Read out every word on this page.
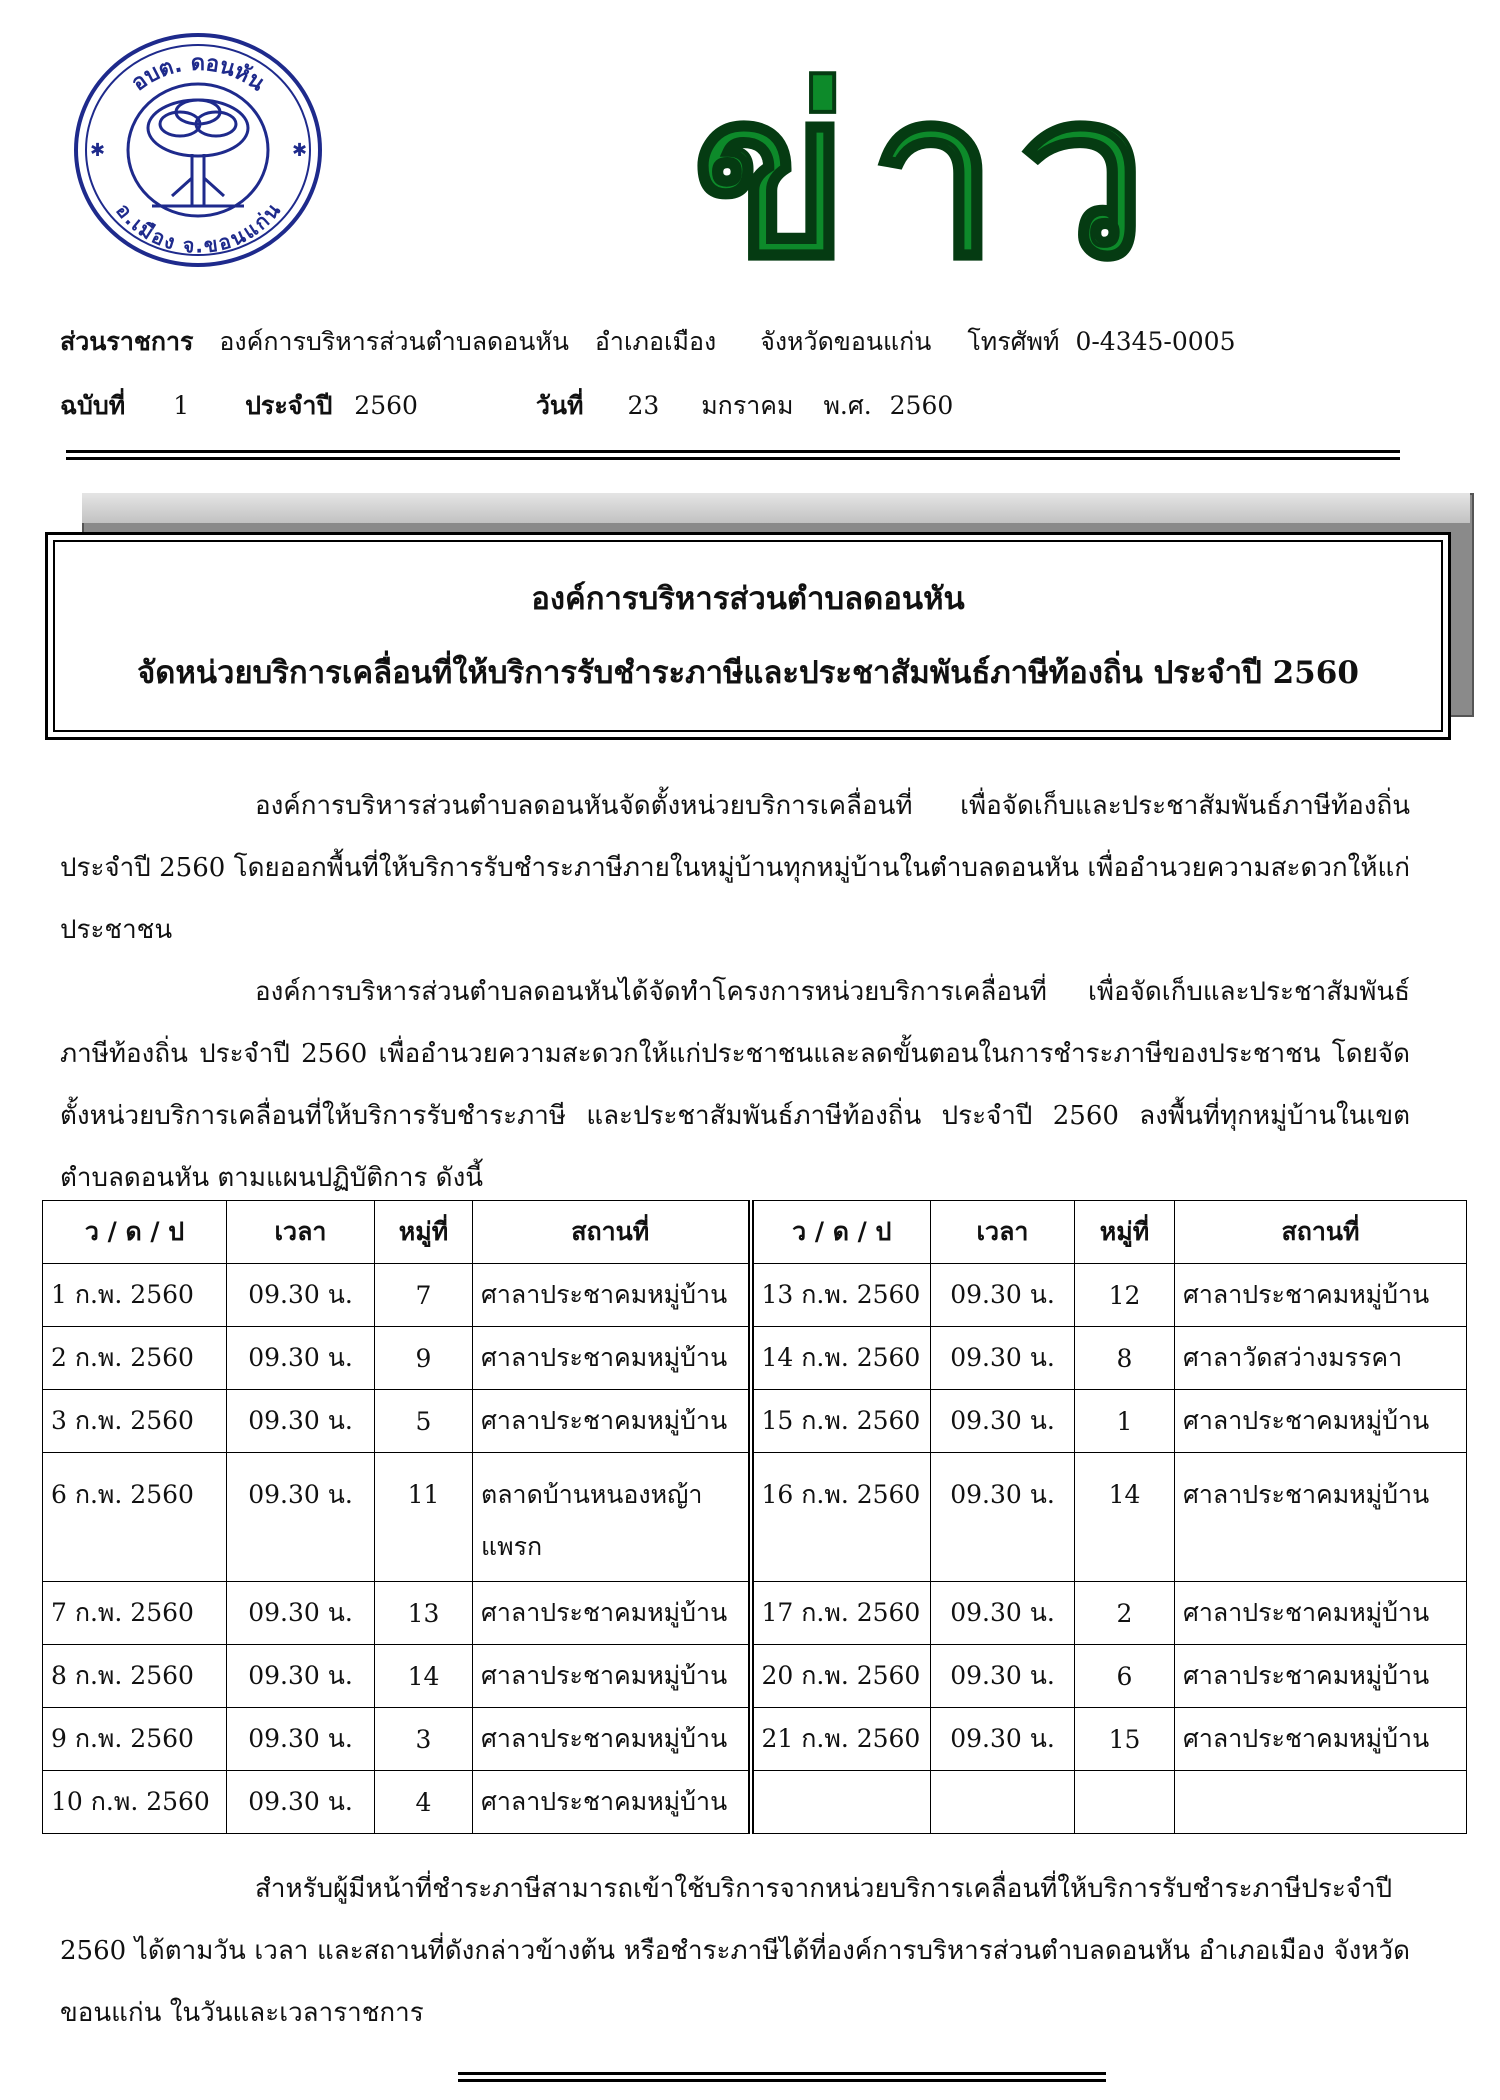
อบต. ดอนหัน
อ.เมือง จ.ขอนแก่น
✱	✱	ข่าว
ส่วนราชการ องค์การบริหารส่วนตำบลดอนหัน อำเภอเมือง จังหวัดขอนแก่น โทรศัพท์ 0-4345-0005
ฉบับที่ 1 ประจำปี 2560	วันที่ 23 มกราคม พ.ศ. 2560
องค์การบริหารส่วนตำบลดอนหัน
จัดหน่วยบริการเคลื่อนที่ให้บริการรับชำระภาษีและประชาสัมพันธ์ภาษีท้องถิ่น ประจำปี 2560

องค์การบริหารส่วนตำบลดอนหันจัดตั้งหน่วยบริการเคลื่อนที่ เพื่อจัดเก็บและประชาสัมพันธ์ภาษีท้องถิ่น ประจำปี 2560 โดยออกพื้นที่ให้บริการรับชำระภาษีภายในหมู่บ้านทุกหมู่บ้านในตำบลดอนหัน เพื่ออำนวยความสะดวกให้แก่ประชาชน

องค์การบริหารส่วนตำบลดอนหันได้จัดทำโครงการหน่วยบริการเคลื่อนที่ เพื่อจัดเก็บและประชาสัมพันธ์ภาษีท้องถิ่น ประจำปี 2560 เพื่ออำนวยความสะดวกให้แก่ประชาชนและลดขั้นตอนในการชำระภาษีของประชาชน โดยจัดตั้งหน่วยบริการเคลื่อนที่ให้บริการรับชำระภาษี และประชาสัมพันธ์ภาษีท้องถิ่น ประจำปี 2560 ลงพื้นที่ทุกหมู่บ้านในเขตตำบลดอนหัน ตามแผนปฏิบัติการ ดังนี้

ว / ด / ป	เวลา	หมู่ที่	สถานที่	ว / ด / ป	เวลา	หมู่ที่	สถานที่
1 ก.พ. 2560	09.30 น.	7	ศาลาประชาคมหมู่บ้าน	13 ก.พ. 2560	09.30 น.	12	ศาลาประชาคมหมู่บ้าน
2 ก.พ. 2560	09.30 น.	9	ศาลาประชาคมหมู่บ้าน	14 ก.พ. 2560	09.30 น.	8	ศาลาวัดสว่างมรรคา
3 ก.พ. 2560	09.30 น.	5	ศาลาประชาคมหมู่บ้าน	15 ก.พ. 2560	09.30 น.	1	ศาลาประชาคมหมู่บ้าน
6 ก.พ. 2560	09.30 น.	11	ตลาดบ้านหนองหญ้าแพรก	16 ก.พ. 2560	09.30 น.	14	ศาลาประชาคมหมู่บ้าน
7 ก.พ. 2560	09.30 น.	13	ศาลาประชาคมหมู่บ้าน	17 ก.พ. 2560	09.30 น.	2	ศาลาประชาคมหมู่บ้าน
8 ก.พ. 2560	09.30 น.	14	ศาลาประชาคมหมู่บ้าน	20 ก.พ. 2560	09.30 น.	6	ศาลาประชาคมหมู่บ้าน
9 ก.พ. 2560	09.30 น.	3	ศาลาประชาคมหมู่บ้าน	21 ก.พ. 2560	09.30 น.	15	ศาลาประชาคมหมู่บ้าน
10 ก.พ. 2560	09.30 น.	4	ศาลาประชาคมหมู่บ้าน				

สำหรับผู้มีหน้าที่ชำระภาษีสามารถเข้าใช้บริการจากหน่วยบริการเคลื่อนที่ให้บริการรับชำระภาษีประจำปี 2560 ได้ตามวัน เวลา และสถานที่ดังกล่าวข้างต้น หรือชำระภาษีได้ที่องค์การบริหารส่วนตำบลดอนหัน อำเภอเมือง จังหวัดขอนแก่น ในวันและเวลาราชการ
